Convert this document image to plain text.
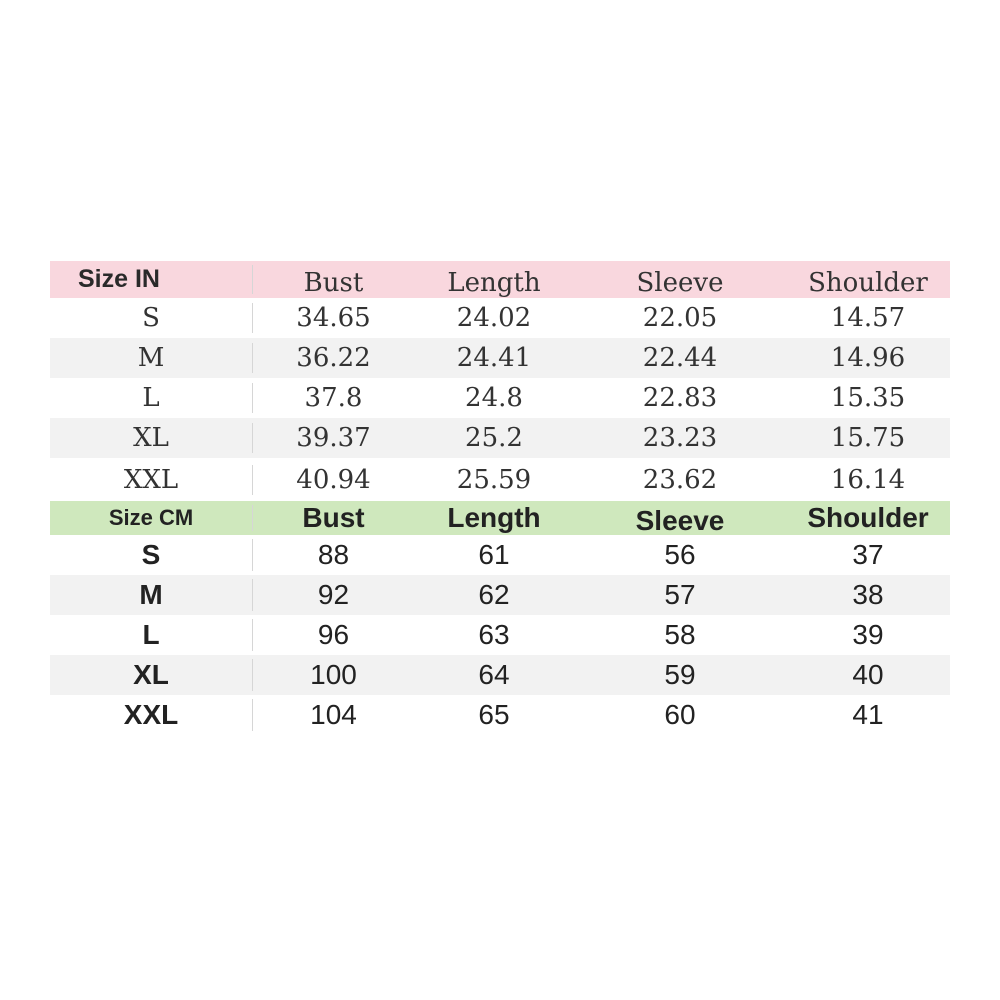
Size IN	Bust	Length	Sleeve	Shoulder
S	34.65	24.02	22.05	14.57
M	36.22	24.41	22.44	14.96
L	37.8	24.8	22.83	15.35
XL	39.37	25.2	23.23	15.75
XXL	40.94	25.59	23.62	16.14
Size CM	Bust	Length	Sleeve	Shoulder
S	88	61	56	37
M	92	62	57	38
L	96	63	58	39
XL	100	64	59	40
XXL	104	65	60	41
